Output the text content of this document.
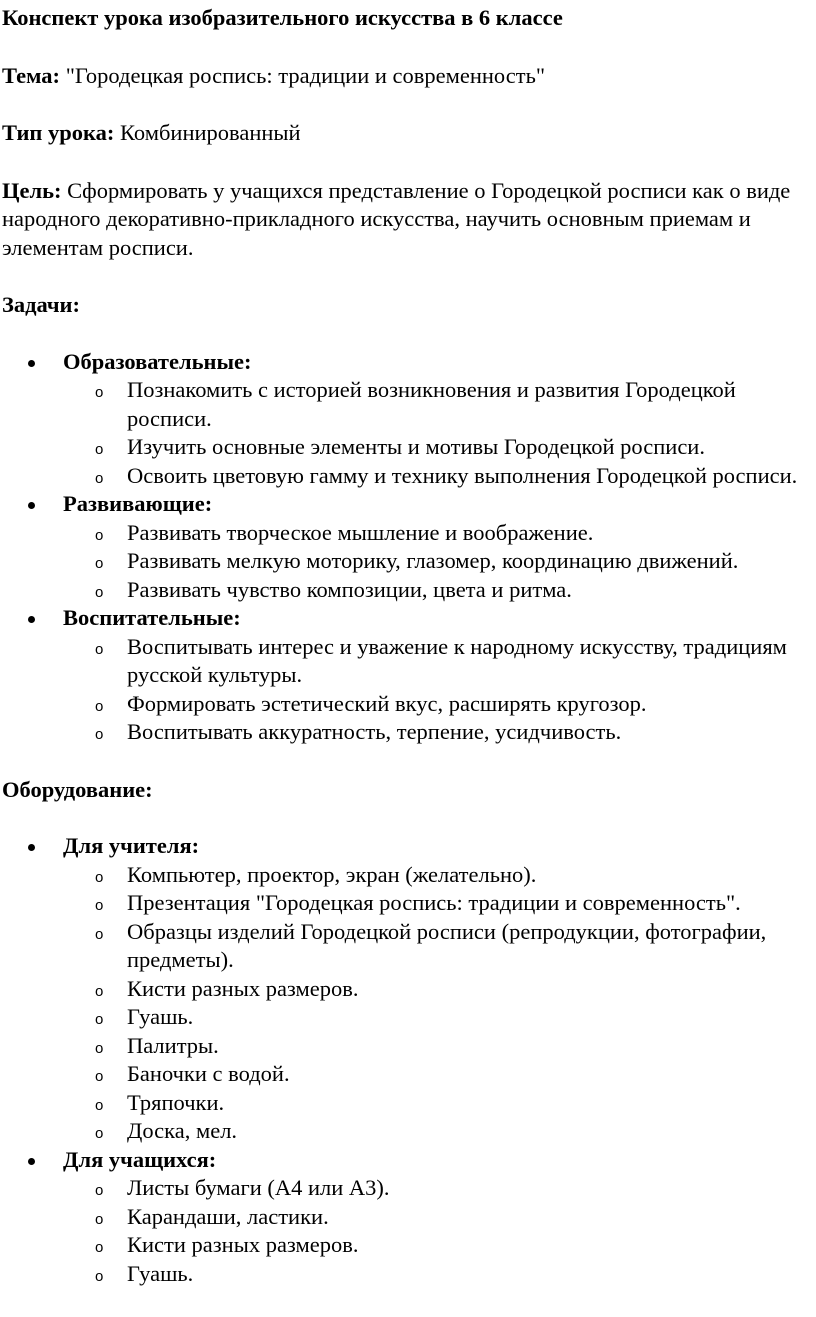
Конспект урока изобразительного искусства в 6 классе

Тема: "Городецкая роспись: традиции и современность"

Тип урока: Комбинированный

Цель: Сформировать у учащихся представление о Городецкой росписи как о виде народного декоративно-прикладного искусства, научить основным приемам и элементам росписи.

Задачи:

Образовательные:
o Познакомить с историей возникновения и развития Городецкой росписи.
o Изучить основные элементы и мотивы Городецкой росписи.
o Освоить цветовую гамму и технику выполнения Городецкой росписи.
Развивающие:
o Развивать творческое мышление и воображение.
o Развивать мелкую моторику, глазомер, координацию движений.
o Развивать чувство композиции, цвета и ритма.
Воспитательные:
o Воспитывать интерес и уважение к народному искусству, традициям русской культуры.
o Формировать эстетический вкус, расширять кругозор.
o Воспитывать аккуратность, терпение, усидчивость.

Оборудование:

Для учителя:
o Компьютер, проектор, экран (желательно).
o Презентация "Городецкая роспись: традиции и современность".
o Образцы изделий Городецкой росписи (репродукции, фотографии, предметы).
o Кисти разных размеров.
o Гуашь.
o Палитры.
o Баночки с водой.
o Тряпочки.
o Доска, мел.
Для учащихся:
o Листы бумаги (А4 или А3).
o Карандаши, ластики.
o Кисти разных размеров.
o Гуашь.
